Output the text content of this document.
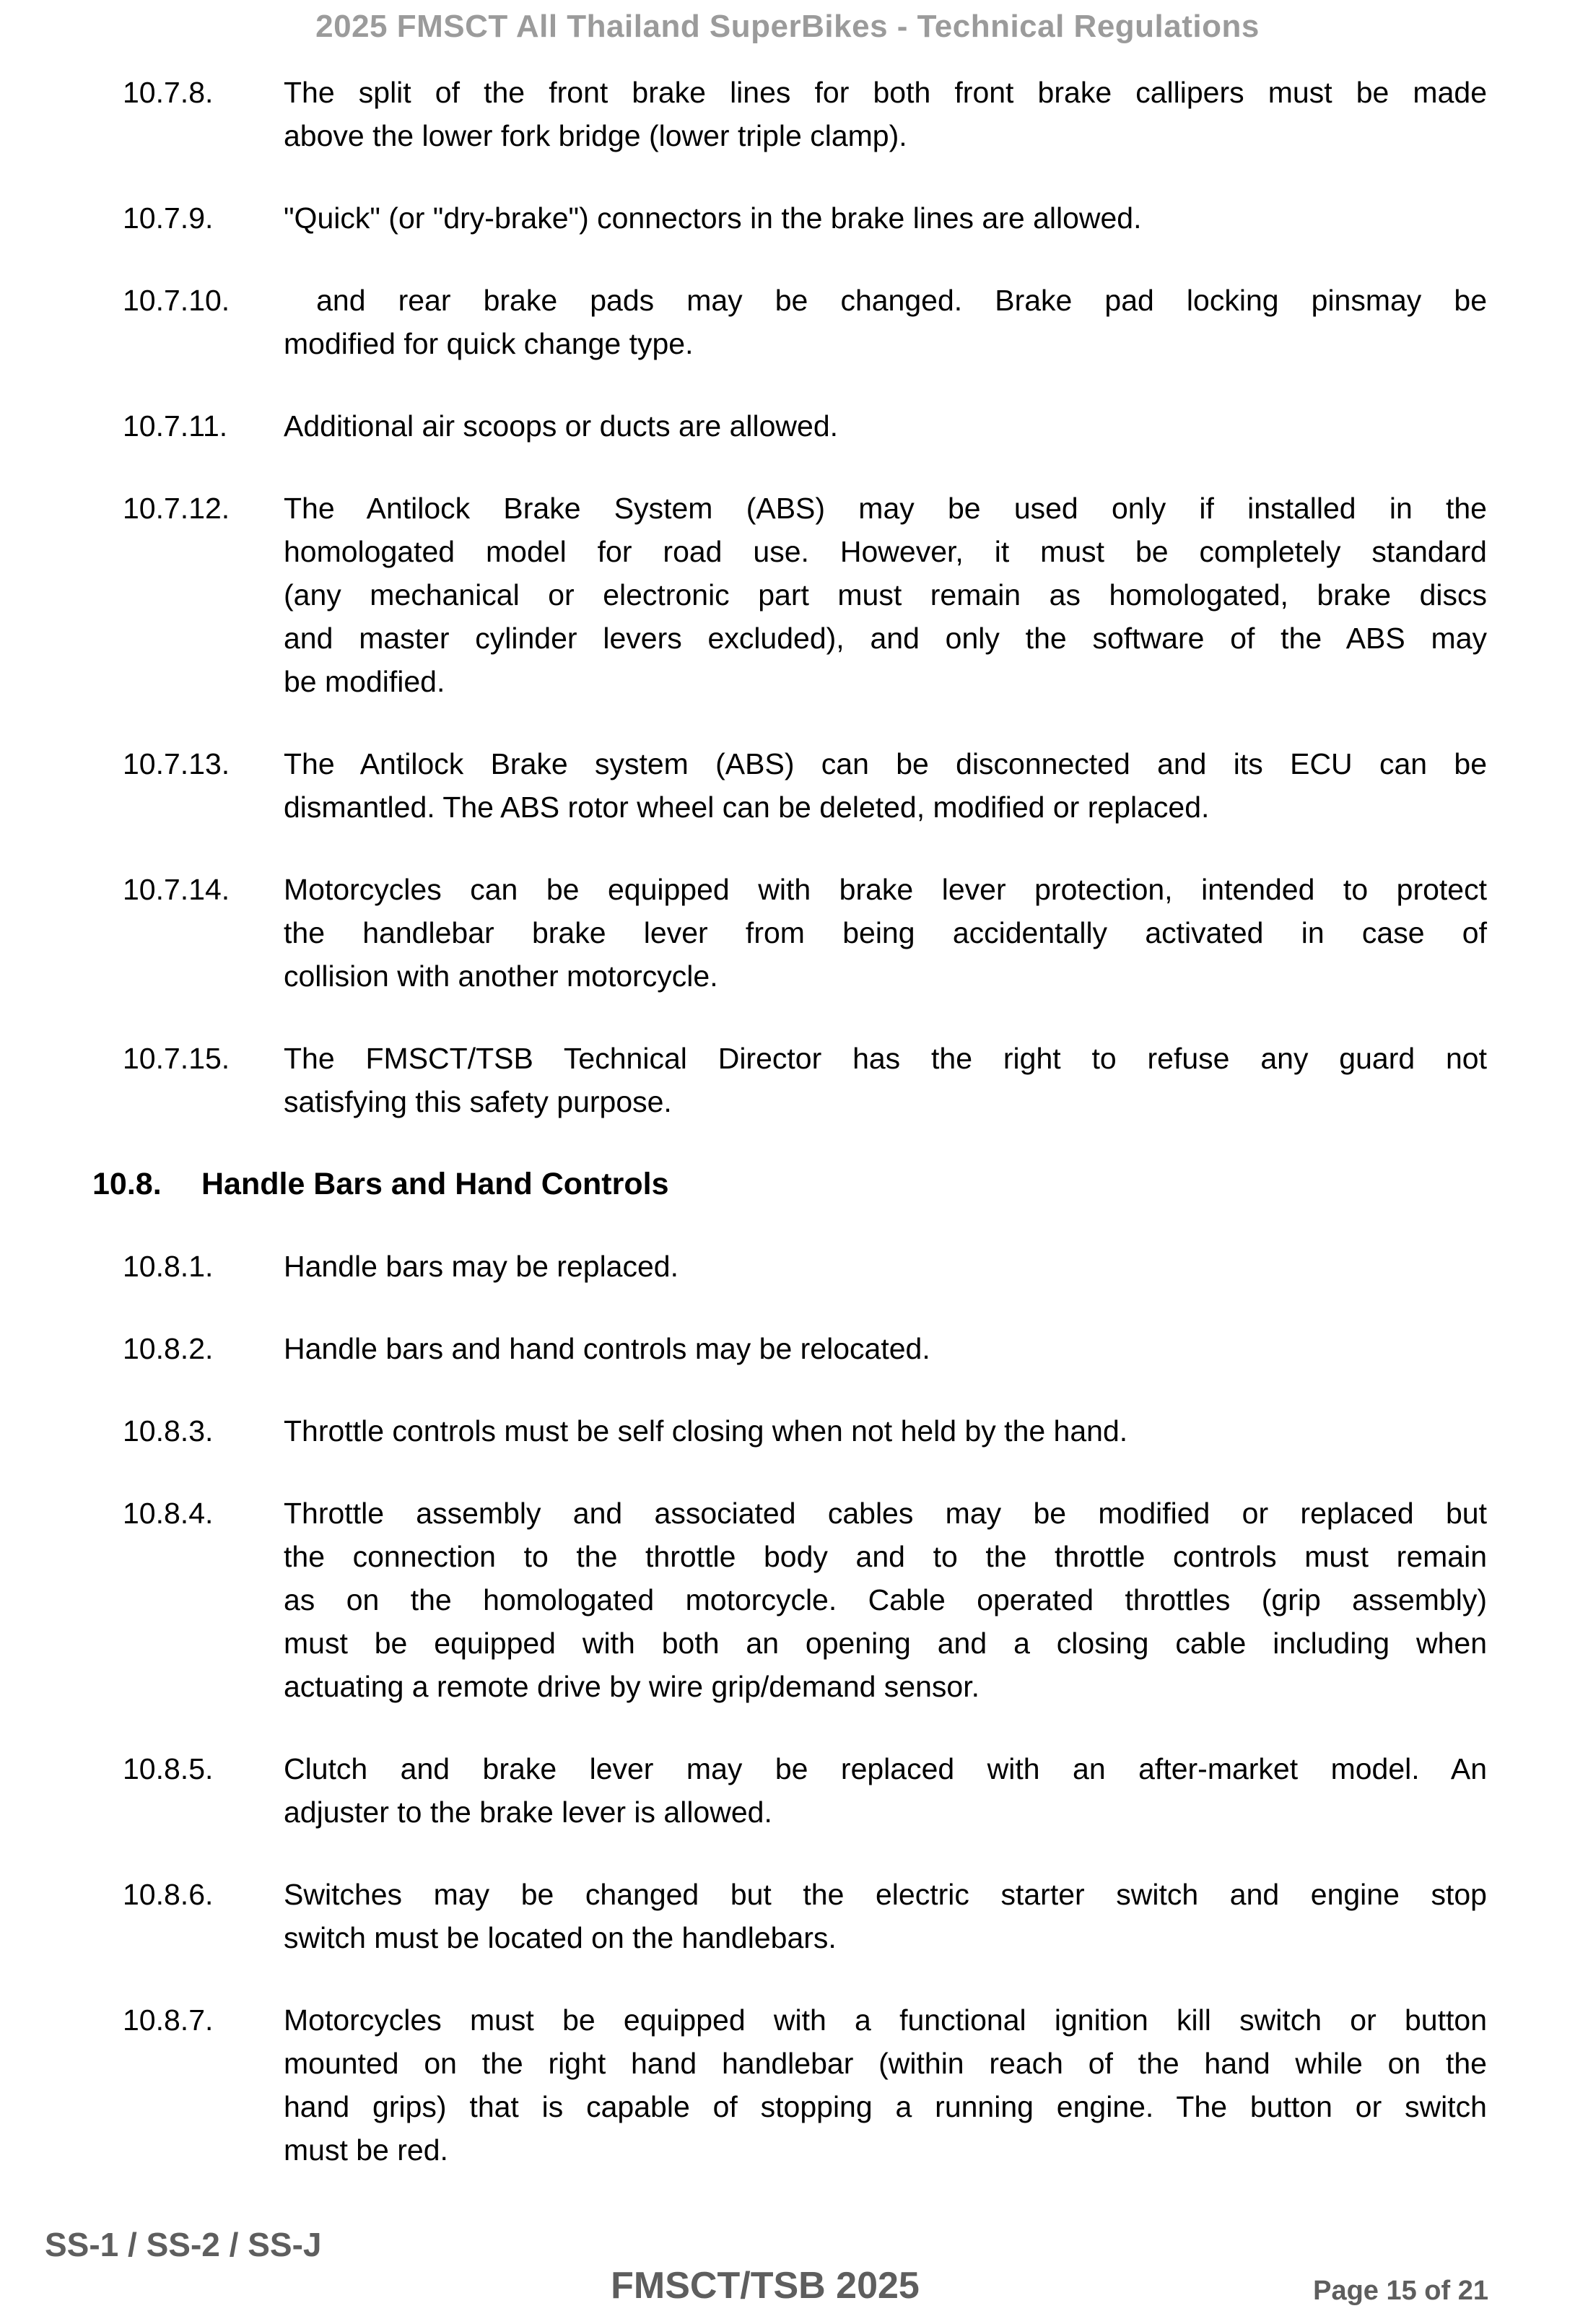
2025 FMSCT All Thailand SuperBikes - Technical Regulations
10.7.8.	The split of the front brake lines for both front brake callipers must be made
above the lower fork bridge (lower triple clamp).
10.7.9.	"Quick" (or "dry-brake") connectors in the brake lines are allowed.
10.7.10.	and rear brake pads may be changed. Brake pad locking pinsmay be
modified for quick change type.
10.7.11.	Additional air scoops or ducts are allowed.
10.7.12.	The Antilock Brake System (ABS) may be used only if installed in the
homologated model for road use. However, it must be completely standard
(any mechanical or electronic part must remain as homologated, brake discs
and master cylinder levers excluded), and only the software of the ABS may
be modified.
10.7.13.	The Antilock Brake system (ABS) can be disconnected and its ECU can be
dismantled. The ABS rotor wheel can be deleted, modified or replaced.
10.7.14.	Motorcycles can be equipped with brake lever protection, intended to protect
the handlebar brake lever from being accidentally activated in case of
collision with another motorcycle.
10.7.15.	The FMSCT/TSB Technical Director has the right to refuse any guard not
satisfying this safety purpose.
10.8.	Handle Bars and Hand Controls
10.8.1.	Handle bars may be replaced.
10.8.2.	Handle bars and hand controls may be relocated.
10.8.3.	Throttle controls must be self closing when not held by the hand.
10.8.4.	Throttle assembly and associated cables may be modified or replaced but
the connection to the throttle body and to the throttle controls must remain
as on the homologated motorcycle. Cable operated throttles (grip assembly)
must be equipped with both an opening and a closing cable including when
actuating a remote drive by wire grip/demand sensor.
10.8.5.	Clutch and brake lever may be replaced with an after-market model. An
adjuster to the brake lever is allowed.
10.8.6.	Switches may be changed but the electric starter switch and engine stop
switch must be located on the handlebars.
10.8.7.	Motorcycles must be equipped with a functional ignition kill switch or button
mounted on the right hand handlebar (within reach of the hand while on the
hand grips) that is capable of stopping a running engine. The button or switch
must be red.
SS-1 / SS-2 / SS-J
FMSCT/TSB 2025	Page 15 of 21
